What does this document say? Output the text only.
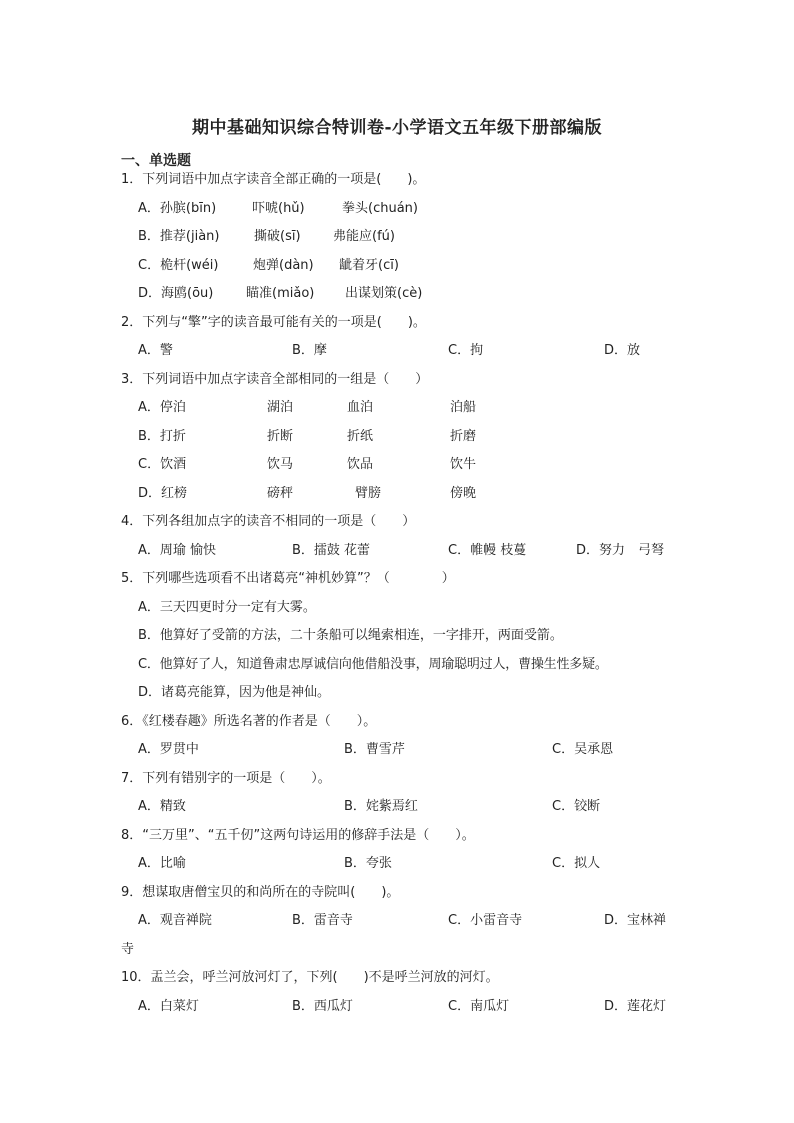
期中基础知识综合特训卷-小学语文五年级下册部编版
一、单选题
1．下列词语中加点字读音全部正确的一项是(　　)。
A．孙膑(bīn)	吓唬(hǔ)	拳头(chuán)
B．推荐(jiàn)	撕破(sī) 弗能应(fú)
C．桅杆(wéi)	炮弹(dàn) 龇着牙(cī)
D．海鸥(ōu)	瞄准(miǎo) 出谋划策(cè)
2．下列与“擎”字的读音最可能有关的一项是(　　)。
A．警	B．摩	C．拘	D．放
3．下列词语中加点字读音全部相同的一组是（　　）
A．停泊	湖泊	血泊	泊船
B．打折	折断	折纸	折磨
C．饮酒	饮马	饮品	饮牛
D．红榜	磅秤	臂膀	傍晚
4．下列各组加点字的读音不相同的一项是（　　）
A．周瑜 愉快	B．擂鼓 花蕾	C．帷幔 枝蔓	D．努力　弓弩
5．下列哪些选项看不出诸葛亮“神机妙算”？（　　　　）
A．三天四更时分一定有大雾。
B．他算好了受箭的方法，二十条船可以绳索相连，一字排开，两面受箭。
C．他算好了人，知道鲁肃忠厚诚信向他借船没事，周瑜聪明过人，曹操生性多疑。
D．诸葛亮能算，因为他是神仙。
6．《红楼春趣》所选名著的作者是（　　）。
A．罗贯中	B．曹雪芹	C．吴承恩
7．下列有错别字的一项是（　　）。
A．精致	B．姹紫焉红	C．铰断
8．“三万里”、“五千仞”这两句诗运用的修辞手法是（　　）。
A．比喻	B．夸张	C．拟人
9．想谋取唐僧宝贝的和尚所在的寺院叫(　　)。
A．观音禅院	B．雷音寺	C．小雷音寺	D．宝林禅
寺
10．盂兰会，呼兰河放河灯了，下列(　　)不是呼兰河放的河灯。
A．白菜灯	B．西瓜灯	C．南瓜灯	D．莲花灯
